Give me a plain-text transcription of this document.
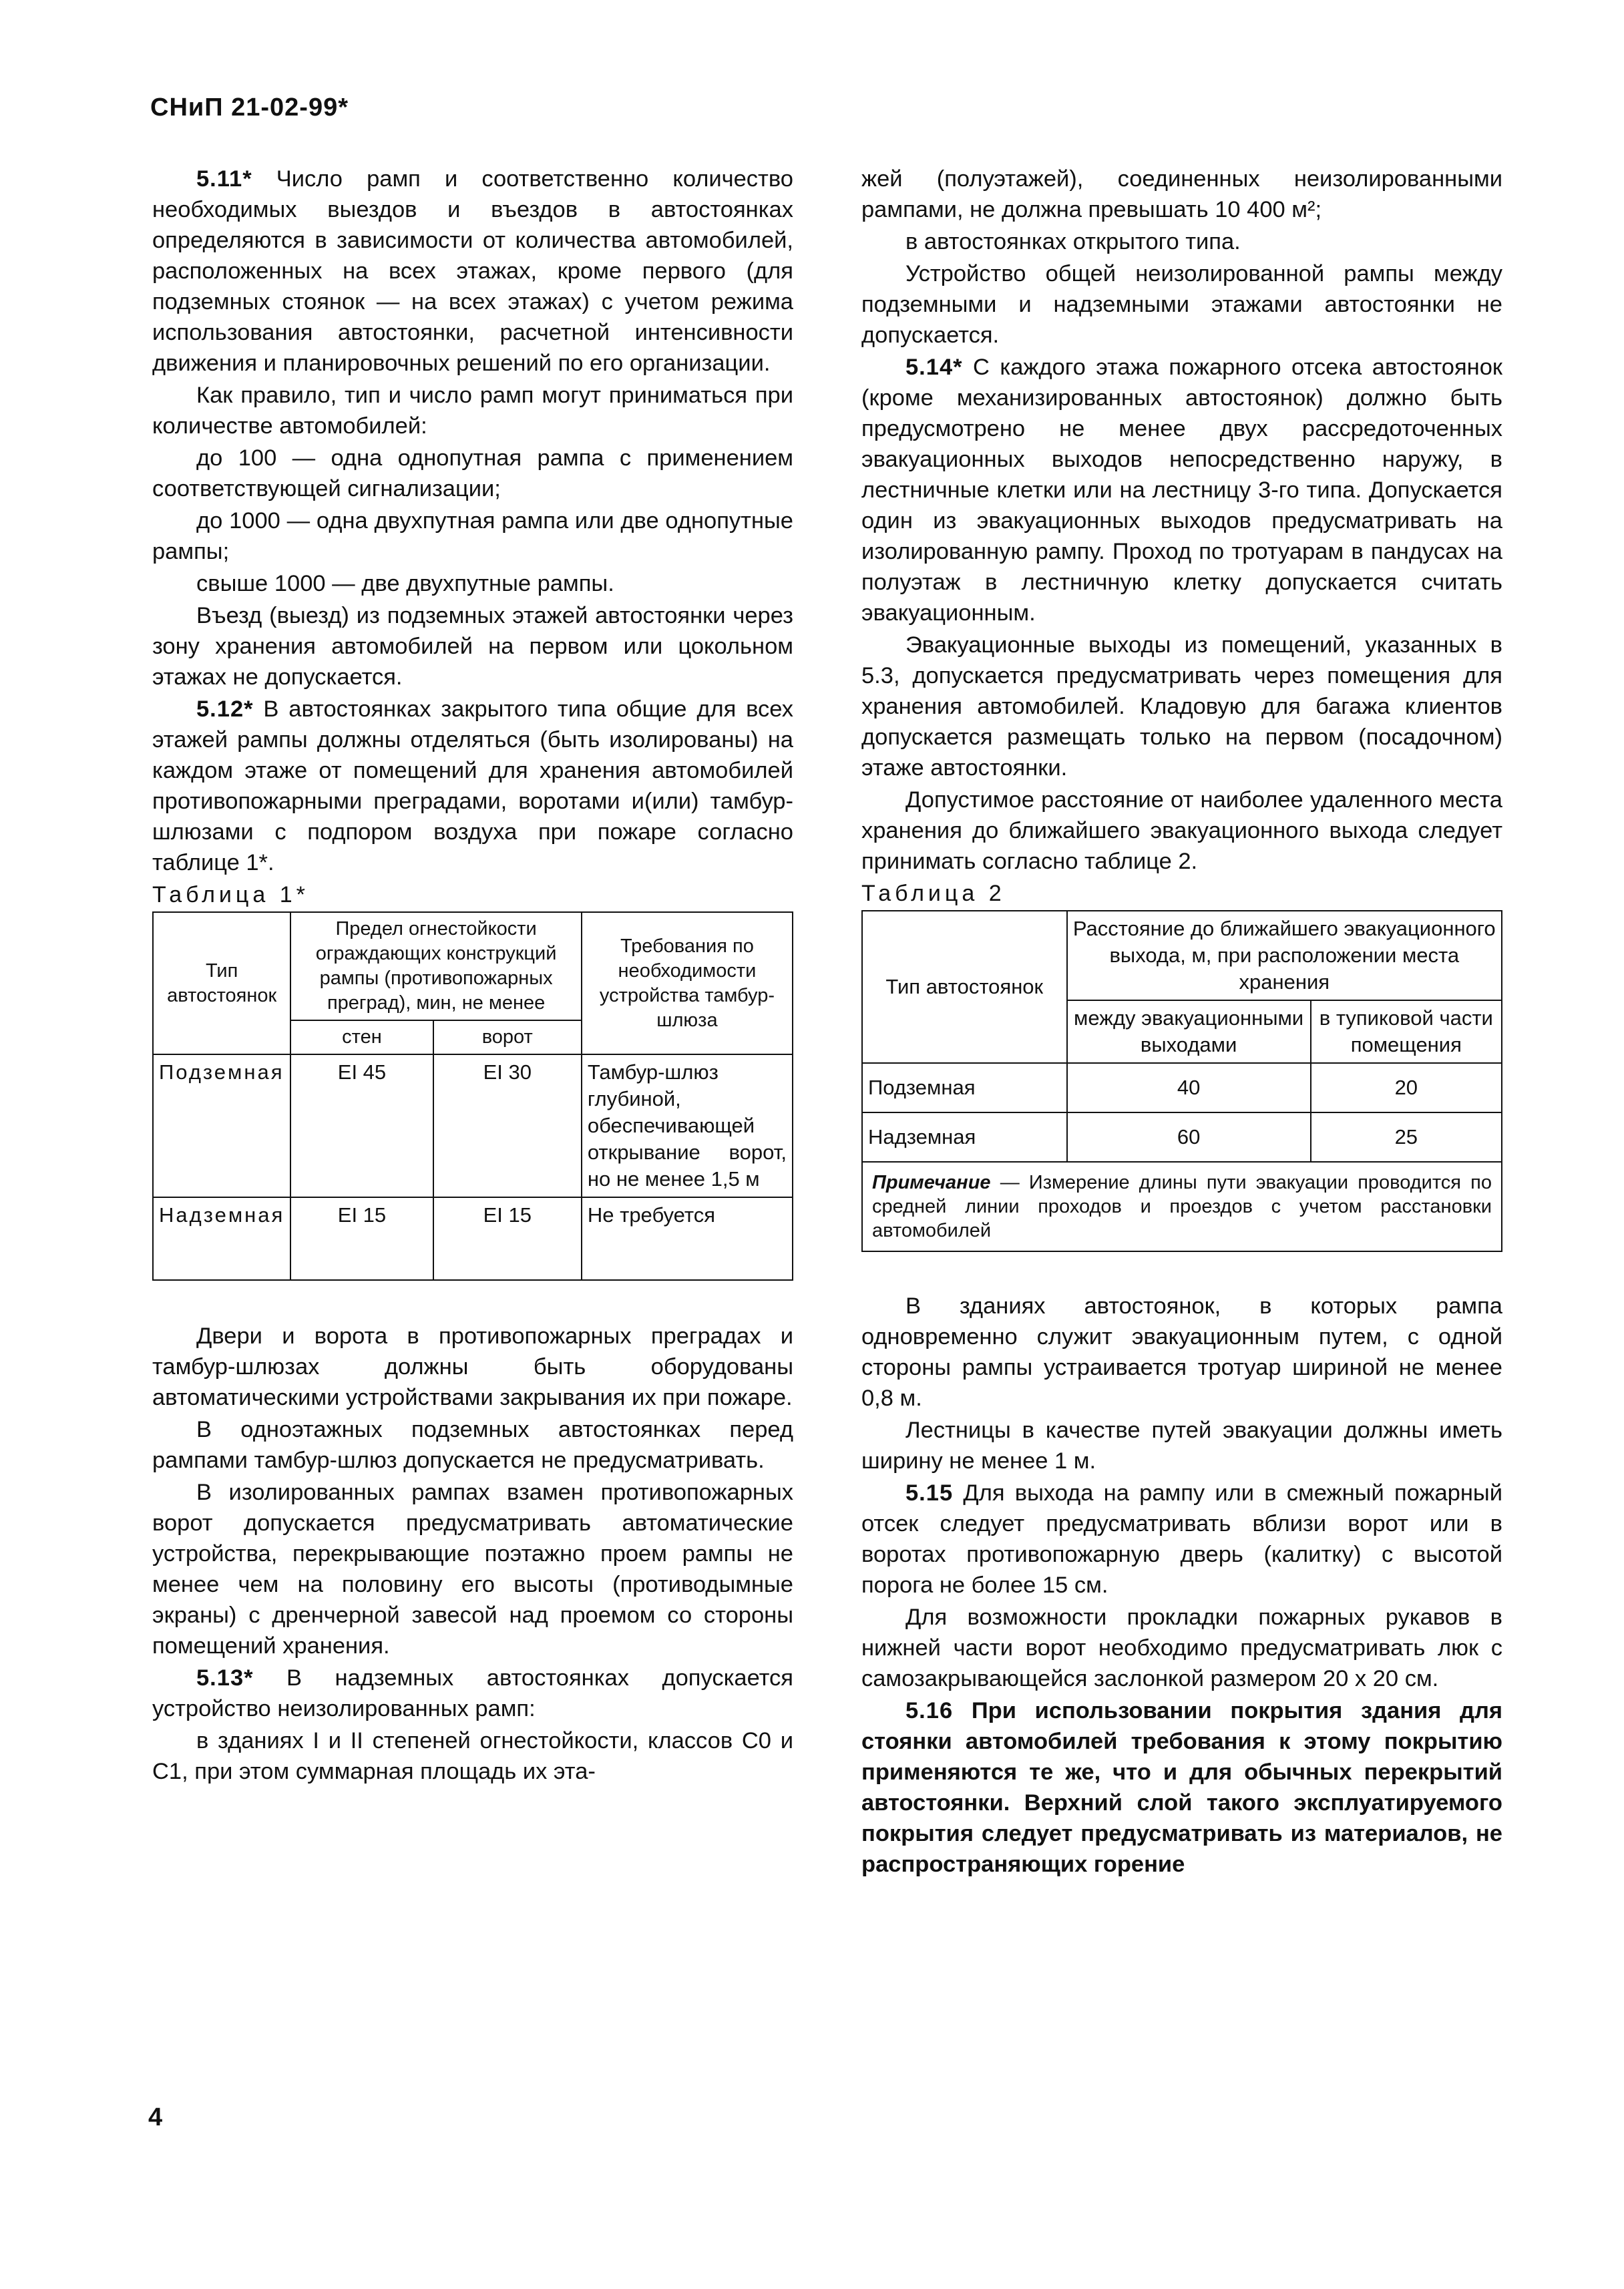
СНиП 21-02-99*

5.11* Число рамп и соответственно количество необходимых выездов и въездов в автостоянках определяются в зависимости от количества автомобилей, расположенных на всех этажах, кроме первого (для подземных стоянок — на всех этажах) с учетом режима использования автостоянки, расчетной интенсивности движения и планировочных решений по его организации.

Как правило, тип и число рамп могут приниматься при количестве автомобилей:

до 100 — одна однопутная рампа с применением соответствующей сигнализации;

до 1000 — одна двухпутная рампа или две однопутные рампы;

свыше 1000 — две двухпутные рампы.

Въезд (выезд) из подземных этажей автостоянки через зону хранения автомобилей на первом или цокольном этажах не допускается.

5.12* В автостоянках закрытого типа общие для всех этажей рампы должны отделяться (быть изолированы) на каждом этаже от помещений для хранения автомобилей противопожарными преградами, воротами и(или) тамбур-шлюзами с подпором воздуха при пожаре согласно таблице 1*.

Таблица 1*

Тип автостоянок	Предел огнестойкости ограждающих конструкций рампы (противопожарных преград), мин, не менее		Требования по необходимости устройства тамбур-шлюза
	стен	ворот	
Подземная	EI 45	EI 30	Тамбур-шлюз глубиной, обеспечивающей открывание ворот, но не менее 1,5 м
Надземная	EI 15	EI 15	Не требуется

Двери и ворота в противопожарных преградах и тамбур-шлюзах должны быть оборудованы автоматическими устройствами закрывания их при пожаре.

В одноэтажных подземных автостоянках перед рампами тамбур-шлюз допускается не предусматривать.

В изолированных рампах взамен противопожарных ворот допускается предусматривать автоматические устройства, перекрывающие поэтажно проем рампы не менее чем на половину его высоты (противодымные экраны) с дренчерной завесой над проемом со стороны помещений хранения.

5.13* В надземных автостоянках допускается устройство неизолированных рамп:

в зданиях I и II степеней огнестойкости, классов С0 и С1, при этом суммарная площадь их эта-

жей (полуэтажей), соединенных неизолированными рампами, не должна превышать 10 400 м²;

в автостоянках открытого типа.

Устройство общей неизолированной рампы между подземными и надземными этажами автостоянки не допускается.

5.14* С каждого этажа пожарного отсека автостоянок (кроме механизированных автостоянок) должно быть предусмотрено не менее двух рассредоточенных эвакуационных выходов непосредственно наружу, в лестничные клетки или на лестницу 3-го типа. Допускается один из эвакуационных выходов предусматривать на изолированную рампу. Проход по тротуарам в пандусах на полуэтаж в лестничную клетку допускается считать эвакуационным.

Эвакуационные выходы из помещений, указанных в 5.3, допускается предусматривать через помещения для хранения автомобилей. Кладовую для багажа клиентов допускается размещать только на первом (посадочном) этаже автостоянки.

Допустимое расстояние от наиболее удаленного места хранения до ближайшего эвакуационного выхода следует принимать согласно таблице 2.

Таблица 2

Тип автостоянок	Расстояние до ближайшего эвакуационного выхода, м, при расположении места хранения	
	между эвакуационными выходами	в тупиковой части помещения
Подземная	40	20
Надземная	60	25
Примечание — Измерение длины пути эвакуации проводится по средней линии проходов и проездов с учетом расстановки автомобилей		

В зданиях автостоянок, в которых рампа одновременно служит эвакуационным путем, с одной стороны рампы устраивается тротуар шириной не менее 0,8 м.

Лестницы в качестве путей эвакуации должны иметь ширину не менее 1 м.

5.15 Для выхода на рампу или в смежный пожарный отсек следует предусматривать вблизи ворот или в воротах противопожарную дверь (калитку) с высотой порога не более 15 см.

Для возможности прокладки пожарных рукавов в нижней части ворот необходимо предусматривать люк с самозакрывающейся заслонкой размером 20 х 20 см.

5.16 При использовании покрытия здания для стоянки автомобилей требования к этому покрытию применяются те же, что и для обычных перекрытий автостоянки. Верхний слой такого эксплуатируемого покрытия следует предусматривать из материалов, не распространяющих горение

4
